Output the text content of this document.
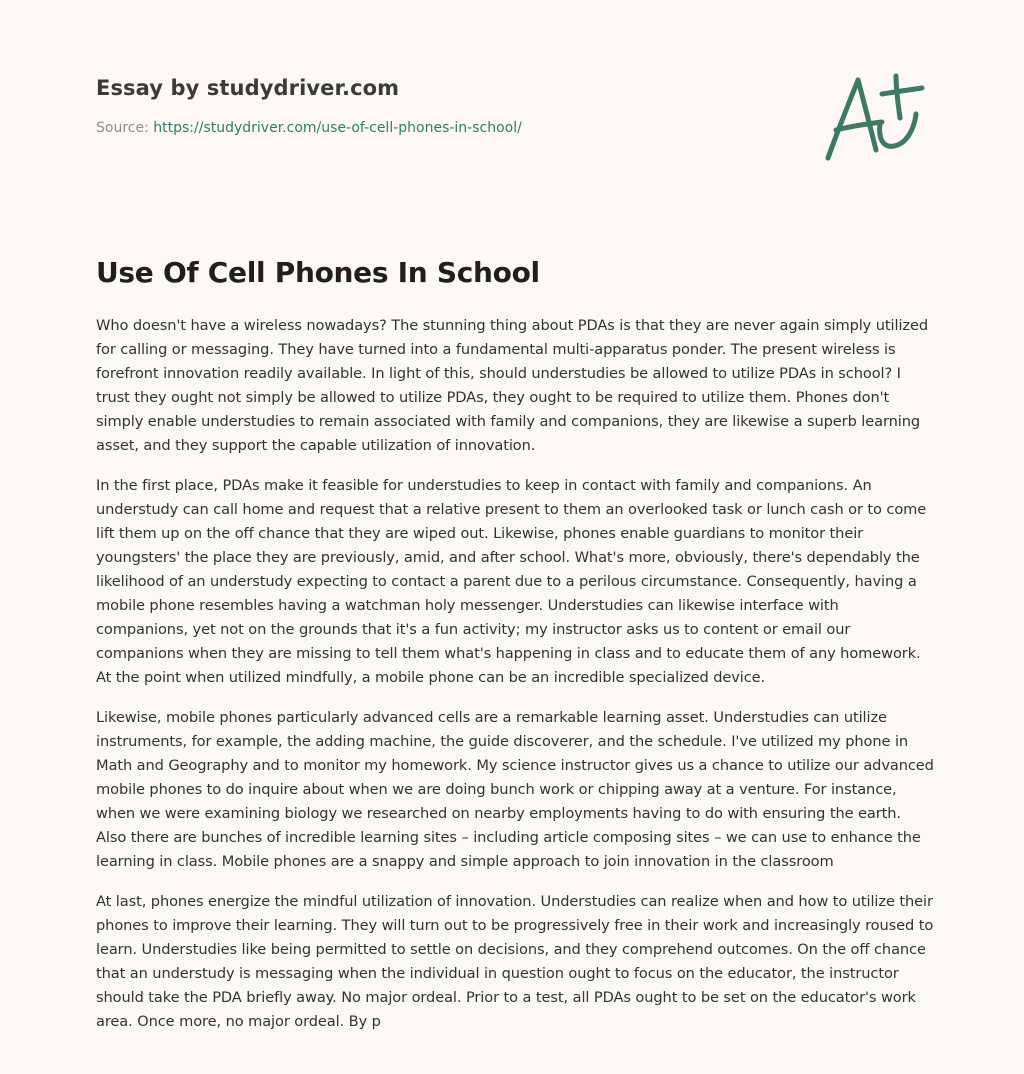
Essay by studydriver.com
Source: https://studydriver.com/use-of-cell-phones-in-school/
Use Of Cell Phones In School

Who doesn't have a wireless nowadays? The stunning thing about PDAs is that they are never again simply utilized for calling or messaging. They have turned into a fundamental multi-apparatus ponder. The present wireless is forefront innovation readily available. In light of this, should understudies be allowed to utilize PDAs in school? I trust they ought not simply be allowed to utilize PDAs, they ought to be required to utilize them. Phones don't simply enable understudies to remain associated with family and companions, they are likewise a superb learning asset, and they support the capable utilization of innovation.

In the first place, PDAs make it feasible for understudies to keep in contact with family and companions. An understudy can call home and request that a relative present to them an overlooked task or lunch cash or to come lift them up on the off chance that they are wiped out. Likewise, phones enable guardians to monitor their youngsters' the place they are previously, amid, and after school. What's more, obviously, there's dependably the likelihood of an understudy expecting to contact a parent due to a perilous circumstance. Consequently, having a mobile phone resembles having a watchman holy messenger. Understudies can likewise interface with companions, yet not on the grounds that it's a fun activity; my instructor asks us to content or email our companions when they are missing to tell them what's happening in class and to educate them of any homework. At the point when utilized mindfully, a mobile phone can be an incredible specialized device.

Likewise, mobile phones particularly advanced cells are a remarkable learning asset. Understudies can utilize instruments, for example, the adding machine, the guide discoverer, and the schedule. I've utilized my phone in Math and Geography and to monitor my homework. My science instructor gives us a chance to utilize our advanced mobile phones to do inquire about when we are doing bunch work or chipping away at a venture. For instance, when we were examining biology we researched on nearby employments having to do with ensuring the earth. Also there are bunches of incredible learning sites – including article composing sites – we can use to enhance the learning in class. Mobile phones are a snappy and simple approach to join innovation in the classroom

At last, phones energize the mindful utilization of innovation. Understudies can realize when and how to utilize their phones to improve their learning. They will turn out to be progressively free in their work and increasingly roused to learn. Understudies like being permitted to settle on decisions, and they comprehend outcomes. On the off chance that an understudy is messaging when the individual in question ought to focus on the educator, the instructor should take the PDA briefly away. No major ordeal. Prior to a test, all PDAs ought to be set on the educator's work area. Once more, no major ordeal. By p
